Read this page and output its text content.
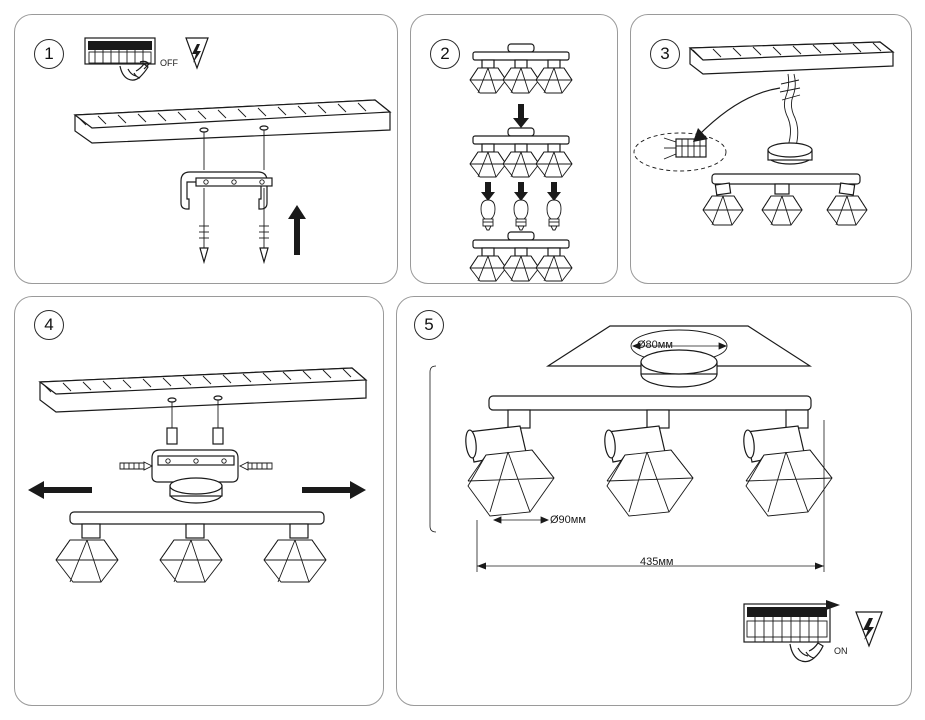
1	2	3
4	5
Ø80мм
Ø90мм
435мм
OFF
ON
